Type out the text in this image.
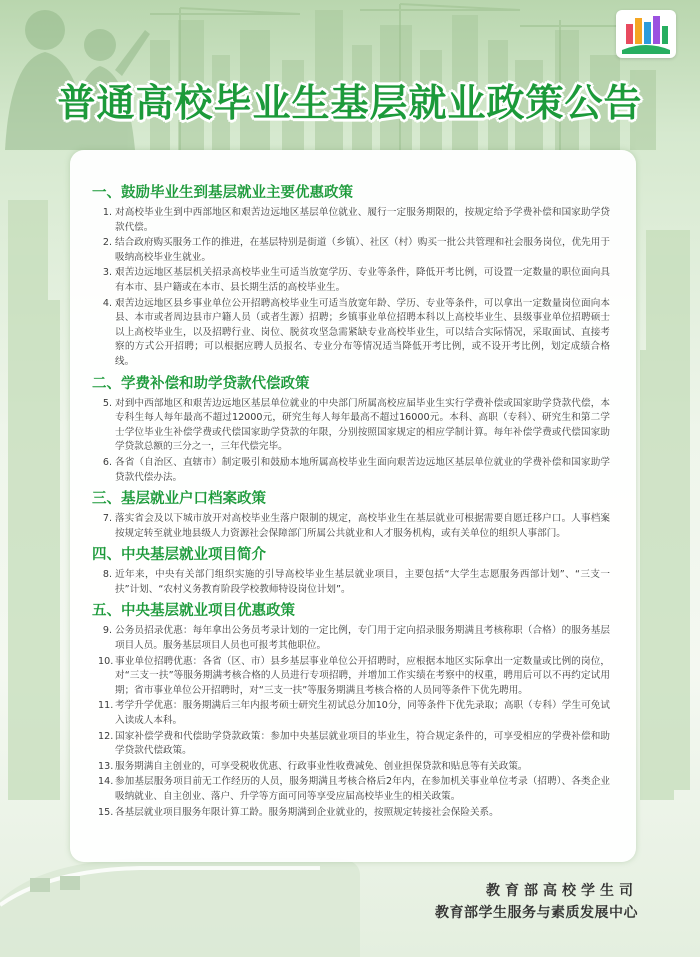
普通高校毕业生基层就业政策公告
一、鼓励毕业生到基层就业主要优惠政策
1. 对高校毕业生到中西部地区和艰苦边远地区基层单位就业、履行一定服务期限的，按规定给予学费补偿和国家助学贷款代偿。
2. 结合政府购买服务工作的推进，在基层特别是街道（乡镇）、社区（村）购买一批公共管理和社会服务岗位，优先用于吸纳高校毕业生就业。
3. 艰苦边远地区基层机关招录高校毕业生可适当放宽学历、专业等条件，降低开考比例，可设置一定数量的职位面向具有本市、县户籍或在本市、县长期生活的高校毕业生。
4. 艰苦边远地区县乡事业单位公开招聘高校毕业生可适当放宽年龄、学历、专业等条件，可以拿出一定数量岗位面向本县、本市或者周边县市户籍人员（或者生源）招聘；乡镇事业单位招聘本科以上高校毕业生、县级事业单位招聘硕士以上高校毕业生，以及招聘行业、岗位、脱贫攻坚急需紧缺专业高校毕业生，可以结合实际情况，采取面试、直接考察的方式公开招聘；可以根据应聘人员报名、专业分布等情况适当降低开考比例，或不设开考比例，划定成绩合格线。
二、学费补偿和助学贷款代偿政策
5. 对到中西部地区和艰苦边远地区基层单位就业的中央部门所属高校应届毕业生实行学费补偿或国家助学贷款代偿，本专科生每人每年最高不超过12000元，研究生每人每年最高不超过16000元。本科、高职（专科）、研究生和第二学士学位毕业生补偿学费或代偿国家助学贷款的年限，分别按照国家规定的相应学制计算。每年补偿学费或代偿国家助学贷款总额的三分之一，三年代偿完毕。
6. 各省（自治区、直辖市）制定吸引和鼓励本地所属高校毕业生面向艰苦边远地区基层单位就业的学费补偿和国家助学贷款代偿办法。
三、基层就业户口档案政策
7. 落实省会及以下城市放开对高校毕业生落户限制的规定，高校毕业生在基层就业可根据需要自愿迁移户口。人事档案按规定转至就业地县级人力资源社会保障部门所属公共就业和人才服务机构，或有关单位的组织人事部门。
四、中央基层就业项目简介
8. 近年来，中央有关部门组织实施的引导高校毕业生基层就业项目，主要包括“大学生志愿服务西部计划”、“三支一扶”计划、“农村义务教育阶段学校教师特设岗位计划”。
五、中央基层就业项目优惠政策
9. 公务员招录优惠：每年拿出公务员考录计划的一定比例，专门用于定向招录服务期满且考核称职（合格）的服务基层项目人员。服务基层项目人员也可报考其他职位。
10. 事业单位招聘优惠：各省（区、市）县乡基层事业单位公开招聘时，应根据本地区实际拿出一定数量或比例的岗位，对“三支一扶”等服务期满考核合格的人员进行专项招聘，并增加工作实绩在考察中的权重，聘用后可以不再约定试用期；省市事业单位公开招聘时，对“三支一扶”等服务期满且考核合格的人员同等条件下优先聘用。
11. 考学升学优惠：服务期满后三年内报考硕士研究生初试总分加10分，同等条件下优先录取；高职（专科）学生可免试入读成人本科。
12. 国家补偿学费和代偿助学贷款政策：参加中央基层就业项目的毕业生，符合规定条件的，可享受相应的学费补偿和助学贷款代偿政策。
13. 服务期满自主创业的，可享受税收优惠、行政事业性收费减免、创业担保贷款和贴息等有关政策。
14. 参加基层服务项目前无工作经历的人员，服务期满且考核合格后2年内，在参加机关事业单位考录（招聘）、各类企业吸纳就业、自主创业、落户、升学等方面可同等享受应届高校毕业生的相关政策。
15. 各基层就业项目服务年限计算工龄。服务期满到企业就业的，按照规定转接社会保险关系。
教育部高校学生司
教育部学生服务与素质发展中心
